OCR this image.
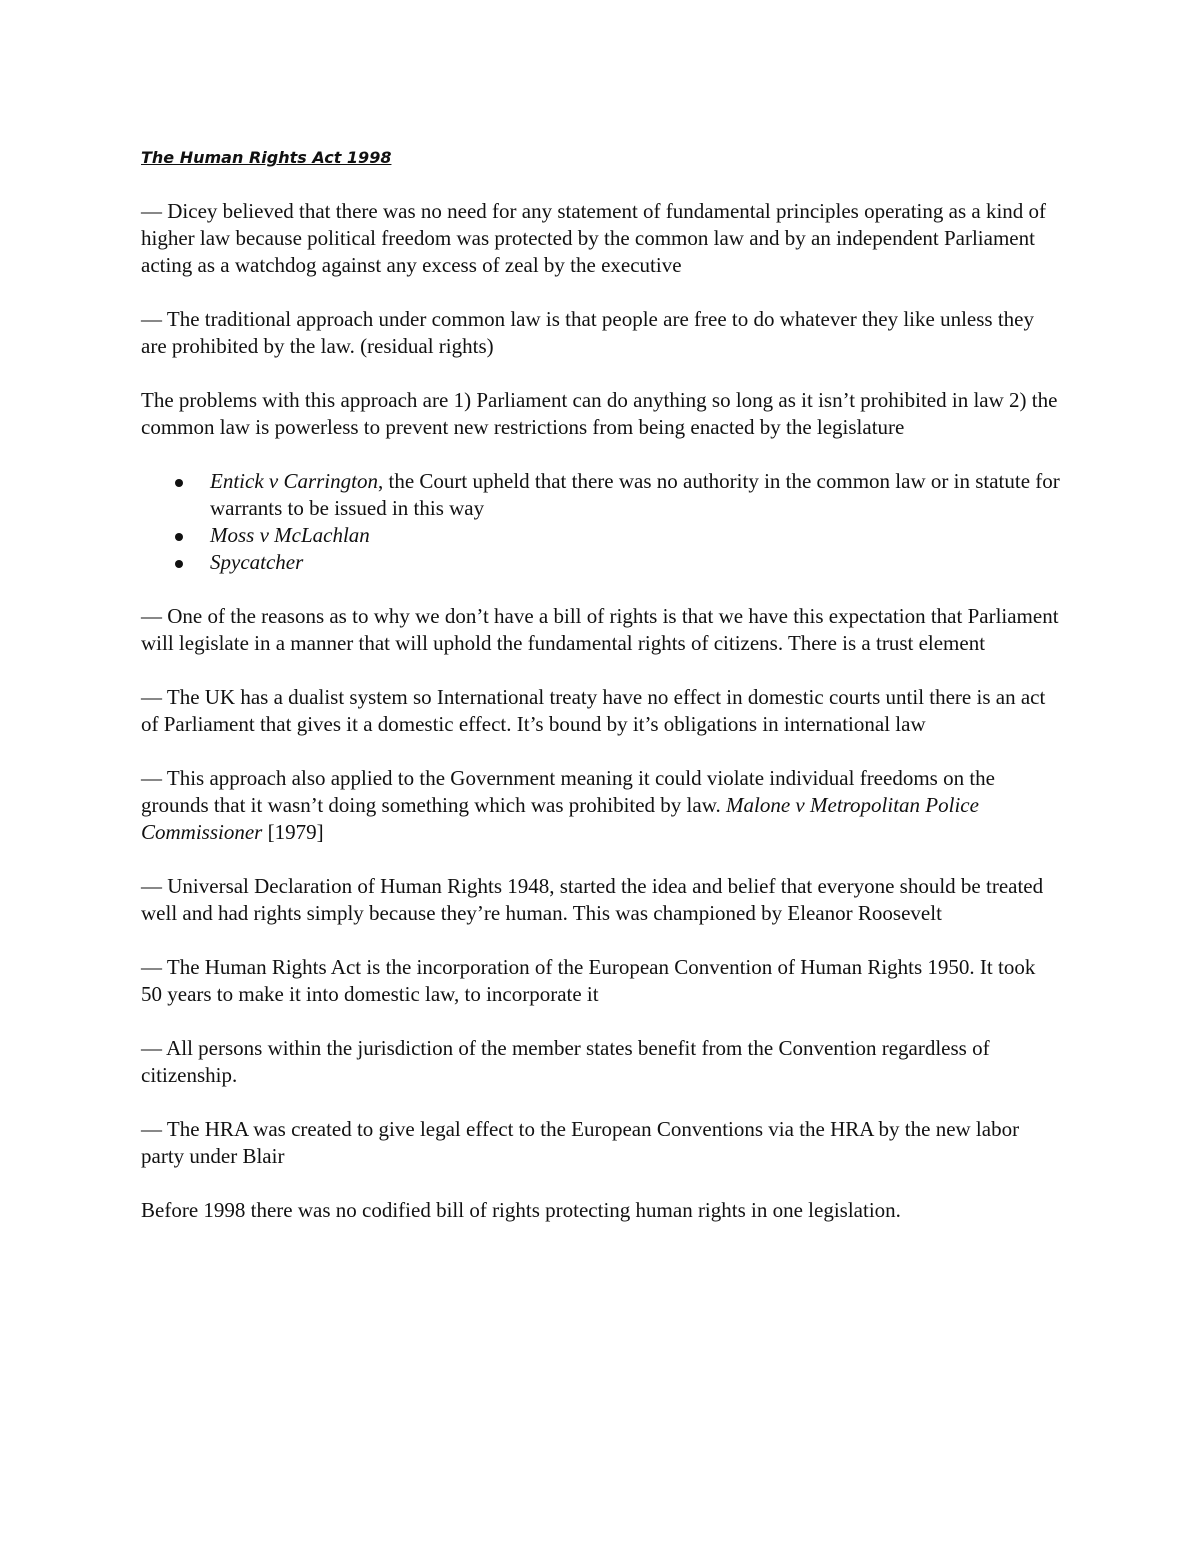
The Human Rights Act 1998

— Dicey believed that there was no need for any statement of fundamental principles operating as a kind of higher law because political freedom was protected by the common law and by an independent Parliament acting as a watchdog against any excess of zeal by the executive

— The traditional approach under common law is that people are free to do whatever they like unless they are prohibited by the law. (residual rights)

The problems with this approach are 1) Parliament can do anything so long as it isn’t prohibited in law 2) the common law is powerless to prevent new restrictions from being enacted by the legislature

Entick v Carrington, the Court upheld that there was no authority in the common law or in statute for warrants to be issued in this way
Moss v McLachlan
Spycatcher

— One of the reasons as to why we don’t have a bill of rights is that we have this expectation that Parliament will legislate in a manner that will uphold the fundamental rights of citizens. There is a trust element

— The UK has a dualist system so International treaty have no effect in domestic courts until there is an act of Parliament that gives it a domestic effect. It’s bound by it’s obligations in international law

— This approach also applied to the Government meaning it could violate individual freedoms on the grounds that it wasn’t doing something which was prohibited by law. Malone v Metropolitan Police Commissioner [1979]

— Universal Declaration of Human Rights 1948, started the idea and belief that everyone should be treated well and had rights simply because they’re human. This was championed by Eleanor Roosevelt

— The Human Rights Act is the incorporation of the European Convention of Human Rights 1950. It took 50 years to make it into domestic law, to incorporate it

— All persons within the jurisdiction of the member states benefit from the Convention regardless of citizenship.

— The HRA was created to give legal effect to the European Conventions via the HRA by the new labor party under Blair

Before 1998 there was no codified bill of rights protecting human rights in one legislation.
